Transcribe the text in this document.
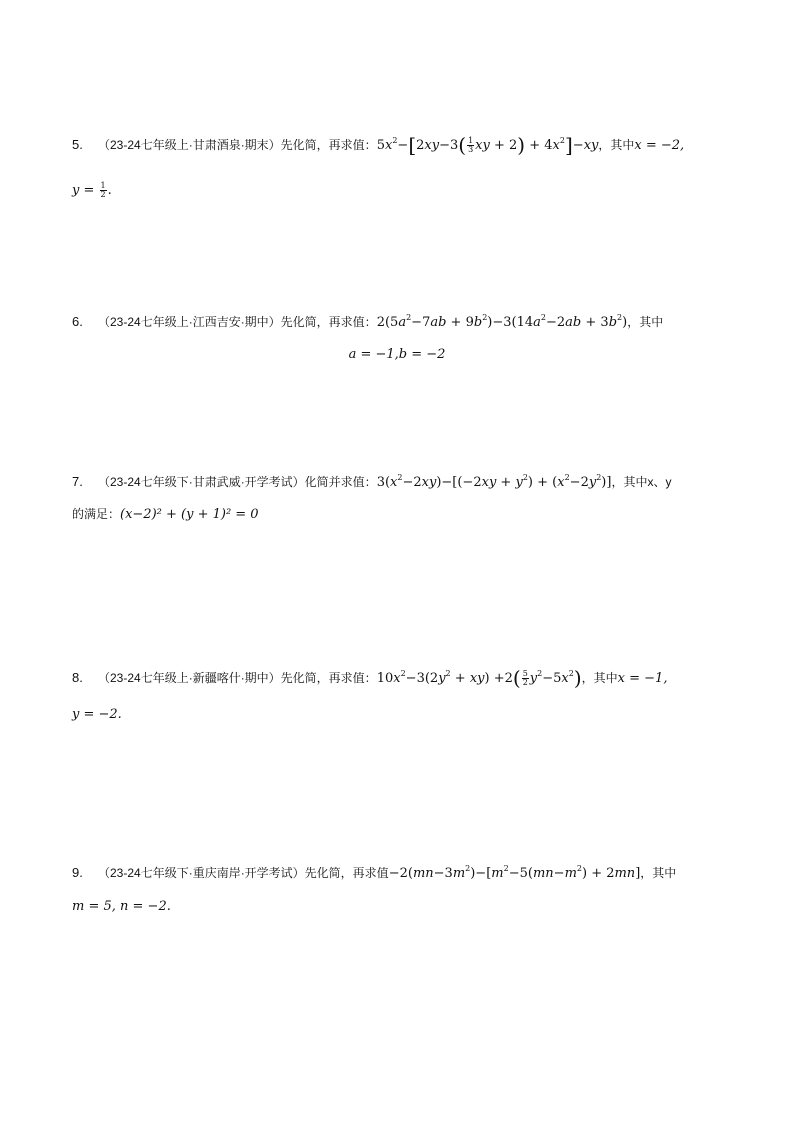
5. （23-24七年级上·甘肃酒泉·期末）先化简，再求值：$5x^2-[2xy-3( \frac{1}{3}$ xy + $2) + 4x^2]-xy$，其中x = −2,
$y = \frac{1}{2}$ .
6. （23-24七年级上·江西吉安·期中）先化简，再求值：$2(5a^2-7ab + 9b^2)-3(14a^2-2ab + 3b^2)$，其中
a = −1,b = −2
7. （23-24七年级下·甘肃武威·开学考试）化简并求值：$3(x^2-2xy)-[(-2xy + y^2) + (x^2-2y^2)]$，其中x、y
的满足：(x−2)² + (y + 1)² = 0
8. （23-24七年级上·新疆喀什·期中）先化简，再求值：$10x^2-3(2y^2 + xy) +2( \frac{5}{2} y^2-5x^2)$，其中x = −1,
y = −2.
9. （23-24七年级下·重庆南岸·开学考试）先化简，再求值$-2(mn-3m^2)-[m^2-5(mn-m^2) + 2mn]$，其中
m = 5, n = −2.
